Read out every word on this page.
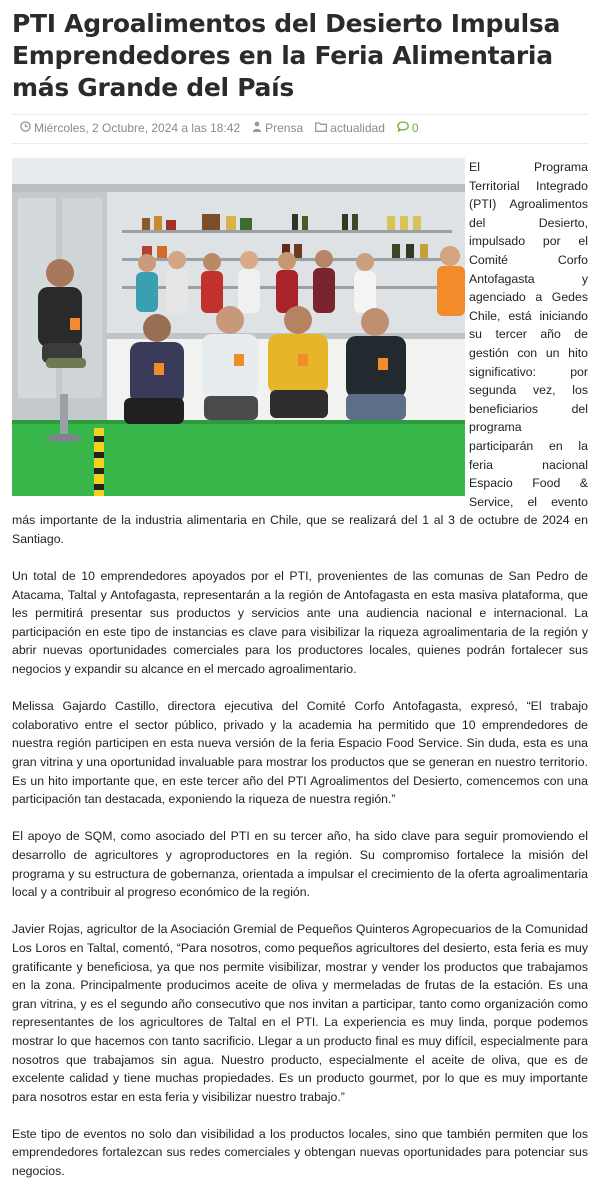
PTI Agroalimentos del Desierto Impulsa Emprendedores en la Feria Alimentaria más Grande del País
Miércoles, 2 Octubre, 2024 a las 18:42 Prensa actualidad 0

El Programa Territorial Integrado (PTI) Agroalimentos del Desierto, impulsado por el Comité Corfo Antofagasta y agenciado a Gedes Chile, está iniciando su tercer año de gestión con un hito significativo: por segunda vez, los beneficiarios del programa participarán en la feria nacional Espacio Food & Service, el evento más importante de la industria alimentaria en Chile, que se realizará del 1 al 3 de octubre de 2024 en Santiago.

Un total de 10 emprendedores apoyados por el PTI, provenientes de las comunas de San Pedro de Atacama, Taltal y Antofagasta, representarán a la región de Antofagasta en esta masiva plataforma, que les permitirá presentar sus productos y servicios ante una audiencia nacional e internacional. La participación en este tipo de instancias es clave para visibilizar la riqueza agroalimentaria de la región y abrir nuevas oportunidades comerciales para los productores locales, quienes podrán fortalecer sus negocios y expandir su alcance en el mercado agroalimentario.

Melissa Gajardo Castillo, directora ejecutiva del Comité Corfo Antofagasta, expresó, “El trabajo colaborativo entre el sector público, privado y la academia ha permitido que 10 emprendedores de nuestra región participen en esta nueva versión de la feria Espacio Food Service. Sin duda, esta es una gran vitrina y una oportunidad invaluable para mostrar los productos que se generan en nuestro territorio. Es un hito importante que, en este tercer año del PTI Agroalimentos del Desierto, comencemos con una participación tan destacada, exponiendo la riqueza de nuestra región.”

El apoyo de SQM, como asociado del PTI en su tercer año, ha sido clave para seguir promoviendo el desarrollo de agricultores y agroproductores en la región. Su compromiso fortalece la misión del programa y su estructura de gobernanza, orientada a impulsar el crecimiento de la oferta agroalimentaria local y a contribuir al progreso económico de la región.

Javier Rojas, agricultor de la Asociación Gremial de Pequeños Quinteros Agropecuarios de la Comunidad Los Loros en Taltal, comentó, “Para nosotros, como pequeños agricultores del desierto, esta feria es muy gratificante y beneficiosa, ya que nos permite visibilizar, mostrar y vender los productos que trabajamos en la zona. Principalmente producimos aceite de oliva y mermeladas de frutas de la estación. Es una gran vitrina, y es el segundo año consecutivo que nos invitan a participar, tanto como organización como representantes de los agricultores de Taltal en el PTI. La experiencia es muy linda, porque podemos mostrar lo que hacemos con tanto sacrificio. Llegar a un producto final es muy difícil, especialmente para nosotros que trabajamos sin agua. Nuestro producto, especialmente el aceite de oliva, que es de excelente calidad y tiene muchas propiedades. Es un producto gourmet, por lo que es muy importante para nosotros estar en esta feria y visibilizar nuestro trabajo.”

Este tipo de eventos no solo dan visibilidad a los productos locales, sino que también permiten que los emprendedores fortalezcan sus redes comerciales y obtengan nuevas oportunidades para potenciar sus negocios.
